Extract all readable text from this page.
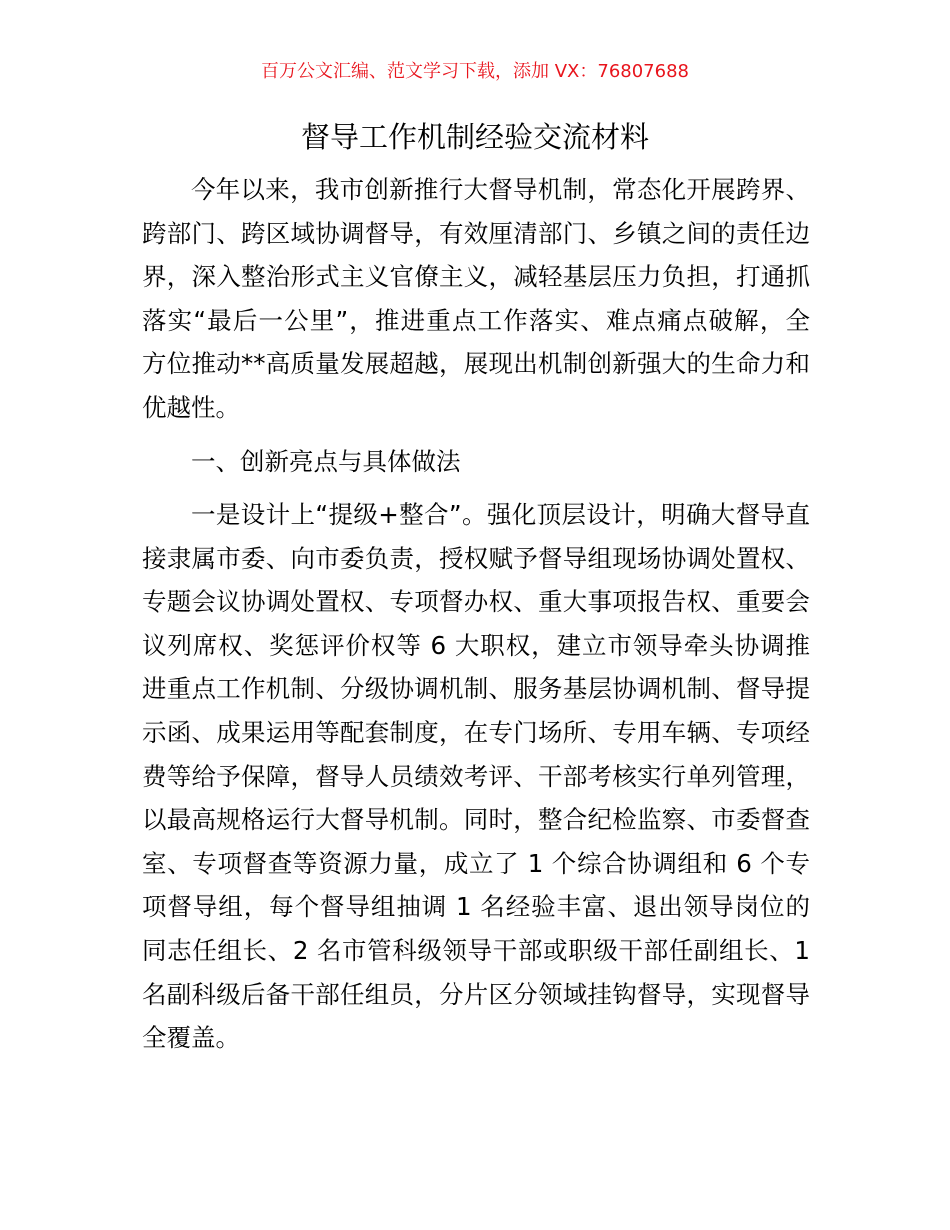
百万公文汇编、范文学习下载，添加 VX：76807688
督导工作机制经验交流材料
今年以来，我市创新推行大督导机制，常态化开展跨界、
跨部门、跨区域协调督导，有效厘清部门、乡镇之间的责任边
界，深入整治形式主义官僚主义，减轻基层压力负担，打通抓
落实“最后一公里”，推进重点工作落实、难点痛点破解，全
方位推动**高质量发展超越，展现出机制创新强大的生命力和
优越性。
一、创新亮点与具体做法
一是设计上“提级+整合”。强化顶层设计，明确大督导直
接隶属市委、向市委负责，授权赋予督导组现场协调处置权、
专题会议协调处置权、专项督办权、重大事项报告权、重要会
议列席权、奖惩评价权等 6 大职权，建立市领导牵头协调推
进重点工作机制、分级协调机制、服务基层协调机制、督导提
示函、成果运用等配套制度，在专门场所、专用车辆、专项经
费等给予保障，督导人员绩效考评、干部考核实行单列管理，
以最高规格运行大督导机制。同时，整合纪检监察、市委督查
室、专项督查等资源力量，成立了 1 个综合协调组和 6 个专
项督导组，每个督导组抽调 1 名经验丰富、退出领导岗位的
同志任组长、2 名市管科级领导干部或职级干部任副组长、1
名副科级后备干部任组员，分片区分领域挂钩督导，实现督导
全覆盖。
